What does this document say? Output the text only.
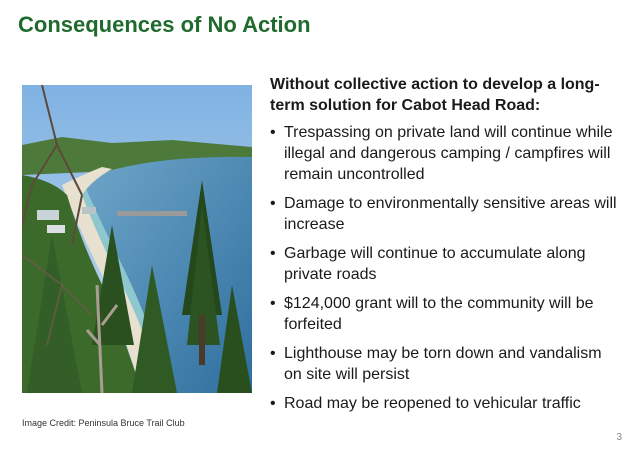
Consequences of No Action
Image Credit: Peninsula Bruce Trail Club

Without collective action to develop a long-term solution for Cabot Head Road:

• Trespassing on private land will continue while illegal and dangerous camping / campfires will remain uncontrolled
• Damage to environmentally sensitive areas will increase
• Garbage will continue to accumulate along private roads
• $124,000 grant will to the community will be forfeited
• Lighthouse may be torn down and vandalism on site will persist
• Road may be reopened to vehicular traffic
3
